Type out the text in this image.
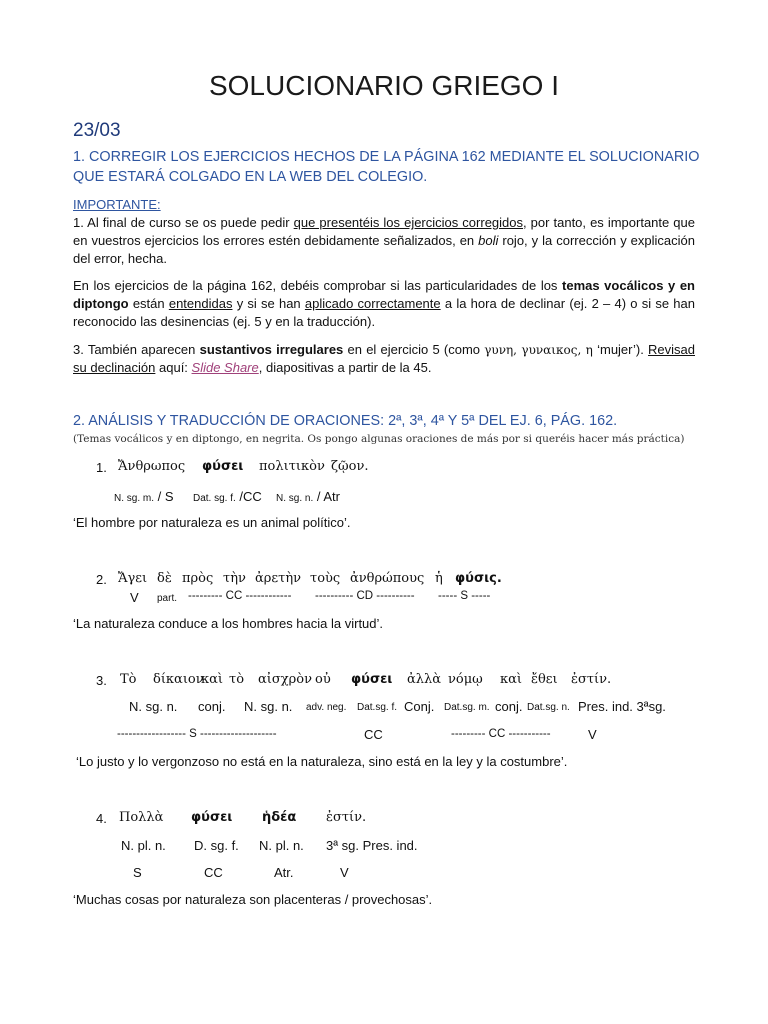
SOLUCIONARIO GRIEGO I
23/03
1. CORREGIR LOS EJERCICIOS HECHOS DE LA PÁGINA 162 MEDIANTE EL SOLUCIONARIO QUE ESTARÁ COLGADO EN LA WEB DEL COLEGIO.
IMPORTANTE:
1. Al final de curso se os puede pedir que presentéis los ejercicios corregidos, por tanto, es importante que en vuestros ejercicios los errores estén debidamente señalizados, en boli rojo, y la corrección y explicación del error, hecha.
En los ejercicios de la página 162, debéis comprobar si las particularidades de los temas vocálicos y en diptongo están entendidas y si se han aplicado correctamente a la hora de declinar (ej. 2 – 4) o si se han reconocido las desinencias (ej. 5 y en la traducción).
3. También aparecen sustantivos irregulares en el ejercicio 5 (como γυνη, γυναικος, η ‘mujer’). Revisad su declinación aquí: Slide Share, diapositivas a partir de la 45.
2. ANÁLISIS Y TRADUCCIÓN DE ORACIONES: 2ª, 3ª, 4ª Y 5ª DEL EJ. 6, PÁG. 162.
(Temas vocálicos y en diptongo, en negrita. Os pongo algunas oraciones de más por si queréis hacer más práctica)
1. Ἄνθρωπος φύσει πολιτικὸν ζῷον.
N. sg. m. / S Dat. sg. f. /CC N. sg. n. / Atr
‘El hombre por naturaleza es un animal político’.
2. Ἄγει δὲ πρὸς τὴν ἀρετὴν τοὺς ἀνθρώπους ἡ φύσις.
V part. --------- CC ------------ ---------- CD ---------- ----- S -----
‘La naturaleza conduce a los hombres hacia la virtud’.
3. Τὸ δίκαιον
καὶ τὸ αἰσχρὸν οὐ φύσει ἀλλὰ νόμῳ καὶ ἔθει ἐστίν.
N. sg. n. conj. N. sg. n. adv. neg. Dat.sg. f. Conj. Dat.sg. m. conj. Dat.sg. n. Pres. ind. 3ªsg.
------------------ S --------------------	CC	--------- CC -----------	V
‘Lo justo y lo vergonzoso no está en la naturaleza, sino está en la ley y la costumbre’.
4. Πολλὰ φύσει ἡδέα ἐστίν.
N. pl. n. D. sg. f. N. pl. n. 3ª sg. Pres. ind.
S	CC	Atr.	V
‘Muchas cosas por naturaleza son placenteras / provechosas’.
